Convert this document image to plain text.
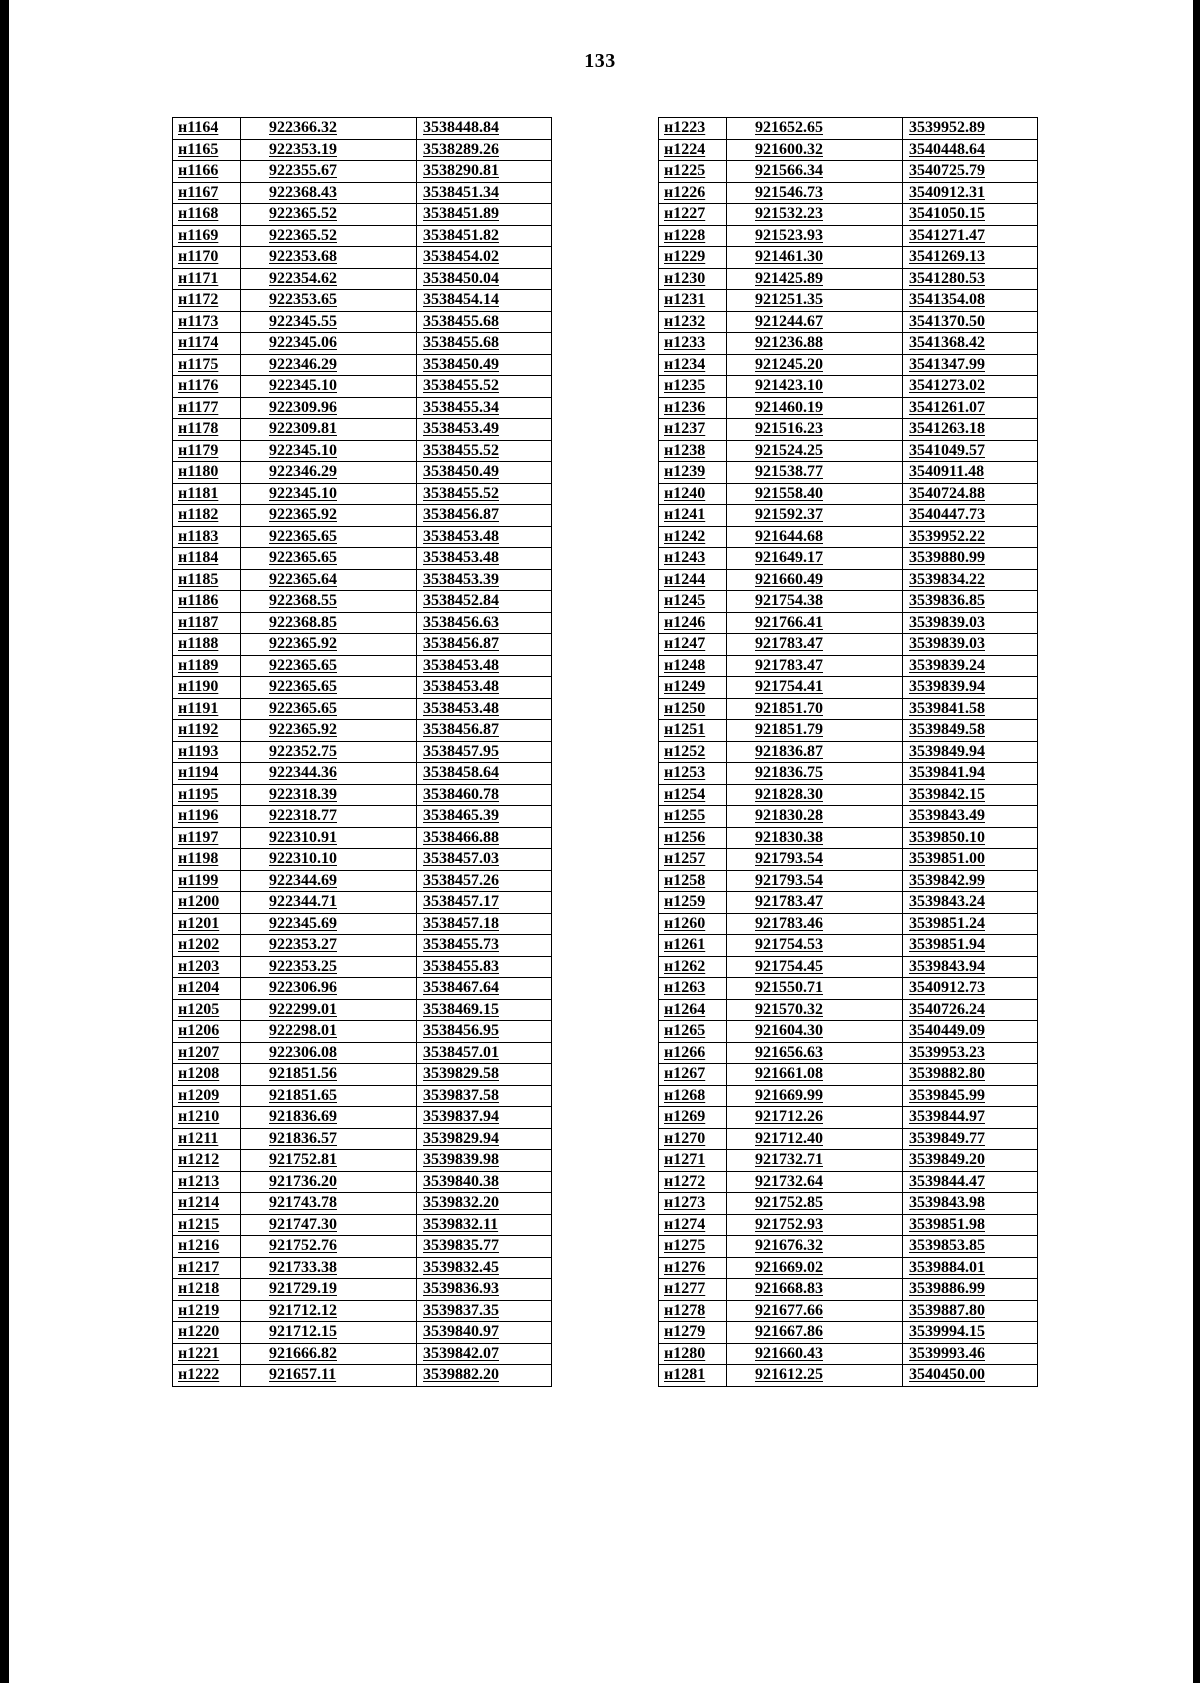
133
н1164	922366.32	3538448.84
н1165	922353.19	3538289.26
н1166	922355.67	3538290.81
н1167	922368.43	3538451.34
н1168	922365.52	3538451.89
н1169	922365.52	3538451.82
н1170	922353.68	3538454.02
н1171	922354.62	3538450.04
н1172	922353.65	3538454.14
н1173	922345.55	3538455.68
н1174	922345.06	3538455.68
н1175	922346.29	3538450.49
н1176	922345.10	3538455.52
н1177	922309.96	3538455.34
н1178	922309.81	3538453.49
н1179	922345.10	3538455.52
н1180	922346.29	3538450.49
н1181	922345.10	3538455.52
н1182	922365.92	3538456.87
н1183	922365.65	3538453.48
н1184	922365.65	3538453.48
н1185	922365.64	3538453.39
н1186	922368.55	3538452.84
н1187	922368.85	3538456.63
н1188	922365.92	3538456.87
н1189	922365.65	3538453.48
н1190	922365.65	3538453.48
н1191	922365.65	3538453.48
н1192	922365.92	3538456.87
н1193	922352.75	3538457.95
н1194	922344.36	3538458.64
н1195	922318.39	3538460.78
н1196	922318.77	3538465.39
н1197	922310.91	3538466.88
н1198	922310.10	3538457.03
н1199	922344.69	3538457.26
н1200	922344.71	3538457.17
н1201	922345.69	3538457.18
н1202	922353.27	3538455.73
н1203	922353.25	3538455.83
н1204	922306.96	3538467.64
н1205	922299.01	3538469.15
н1206	922298.01	3538456.95
н1207	922306.08	3538457.01
н1208	921851.56	3539829.58
н1209	921851.65	3539837.58
н1210	921836.69	3539837.94
н1211	921836.57	3539829.94
н1212	921752.81	3539839.98
н1213	921736.20	3539840.38
н1214	921743.78	3539832.20
н1215	921747.30	3539832.11
н1216	921752.76	3539835.77
н1217	921733.38	3539832.45
н1218	921729.19	3539836.93
н1219	921712.12	3539837.35
н1220	921712.15	3539840.97
н1221	921666.82	3539842.07
н1222	921657.11	3539882.20
н1223	921652.65	3539952.89
н1224	921600.32	3540448.64
н1225	921566.34	3540725.79
н1226	921546.73	3540912.31
н1227	921532.23	3541050.15
н1228	921523.93	3541271.47
н1229	921461.30	3541269.13
н1230	921425.89	3541280.53
н1231	921251.35	3541354.08
н1232	921244.67	3541370.50
н1233	921236.88	3541368.42
н1234	921245.20	3541347.99
н1235	921423.10	3541273.02
н1236	921460.19	3541261.07
н1237	921516.23	3541263.18
н1238	921524.25	3541049.57
н1239	921538.77	3540911.48
н1240	921558.40	3540724.88
н1241	921592.37	3540447.73
н1242	921644.68	3539952.22
н1243	921649.17	3539880.99
н1244	921660.49	3539834.22
н1245	921754.38	3539836.85
н1246	921766.41	3539839.03
н1247	921783.47	3539839.03
н1248	921783.47	3539839.24
н1249	921754.41	3539839.94
н1250	921851.70	3539841.58
н1251	921851.79	3539849.58
н1252	921836.87	3539849.94
н1253	921836.75	3539841.94
н1254	921828.30	3539842.15
н1255	921830.28	3539843.49
н1256	921830.38	3539850.10
н1257	921793.54	3539851.00
н1258	921793.54	3539842.99
н1259	921783.47	3539843.24
н1260	921783.46	3539851.24
н1261	921754.53	3539851.94
н1262	921754.45	3539843.94
н1263	921550.71	3540912.73
н1264	921570.32	3540726.24
н1265	921604.30	3540449.09
н1266	921656.63	3539953.23
н1267	921661.08	3539882.80
н1268	921669.99	3539845.99
н1269	921712.26	3539844.97
н1270	921712.40	3539849.77
н1271	921732.71	3539849.20
н1272	921732.64	3539844.47
н1273	921752.85	3539843.98
н1274	921752.93	3539851.98
н1275	921676.32	3539853.85
н1276	921669.02	3539884.01
н1277	921668.83	3539886.99
н1278	921677.66	3539887.80
н1279	921667.86	3539994.15
н1280	921660.43	3539993.46
н1281	921612.25	3540450.00
